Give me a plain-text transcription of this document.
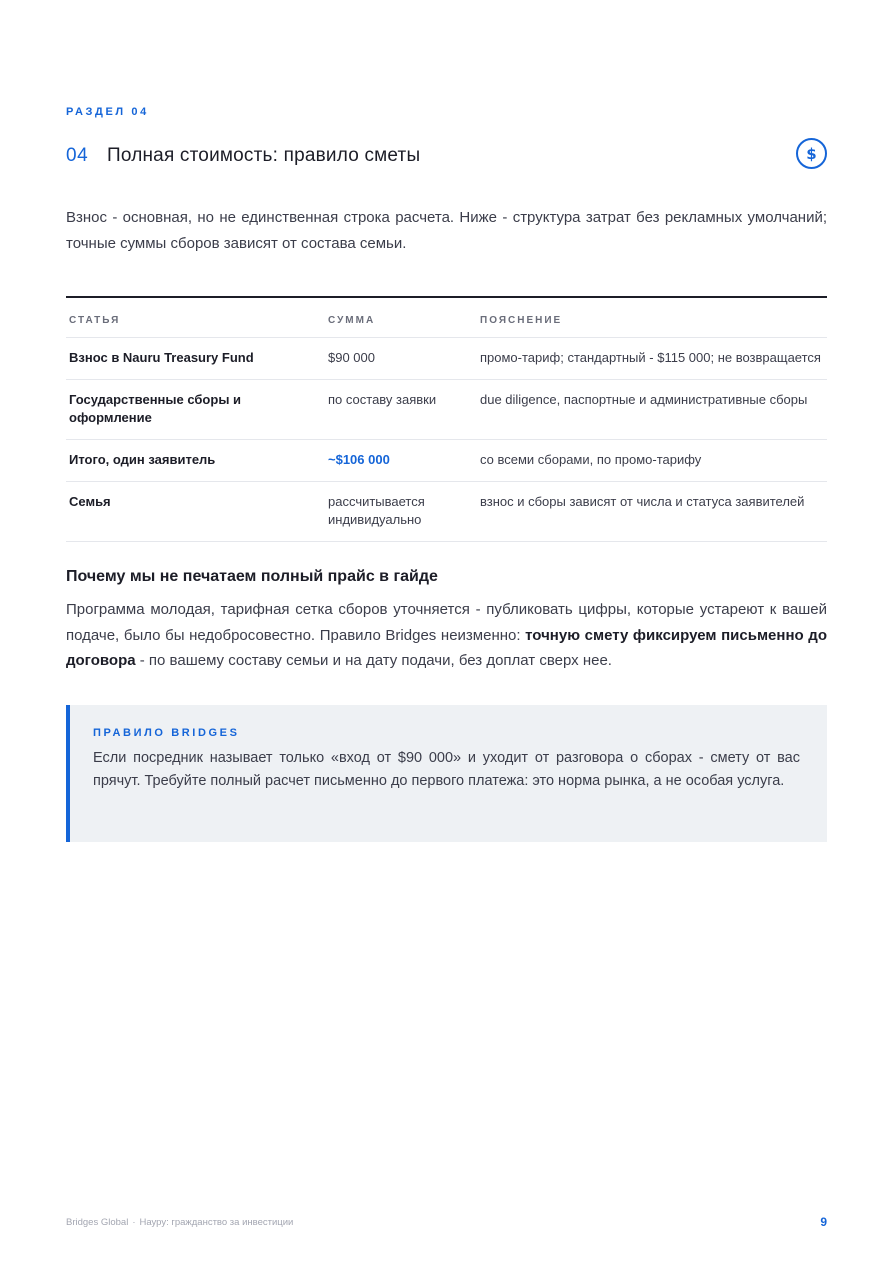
РАЗДЕЛ 04
04 Полная стоимость: правило сметы	$

Взнос - основная, но не единственная строка расчета. Ниже - структура затрат без рекламных умолчаний; точные суммы сборов зависят от состава семьи.

СТАТЬЯ	СУММА	ПОЯСНЕНИЕ
Взнос в Nauru Treasury Fund	$90 000	промо-тариф; стандартный - $115 000; не возвращается
Государственные сборы и оформление	по составу заявки	due diligence, паспортные и административные сборы
Итого, один заявитель	~$106 000	со всеми сборами, по промо-тарифу
Семья	рассчитывается индивидуально	взнос и сборы зависят от числа и статуса заявителей
Почему мы не печатаем полный прайс в гайде

Программа молодая, тарифная сетка сборов уточняется - публиковать цифры, которые устареют к вашей подаче, было бы недобросовестно. Правило Bridges неизменно: точную смету фиксируем письменно до договора - по вашему составу семьи и на дату подачи, без доплат сверх нее.

ПРАВИЛО BRIDGES

Если посредник называет только «вход от $90 000» и уходит от разговора о сборах - смету от вас прячут. Требуйте полный расчет письменно до первого платежа: это норма рынка, а не особая услуга.

Bridges Global · Науру: гражданство за инвестиции	9
